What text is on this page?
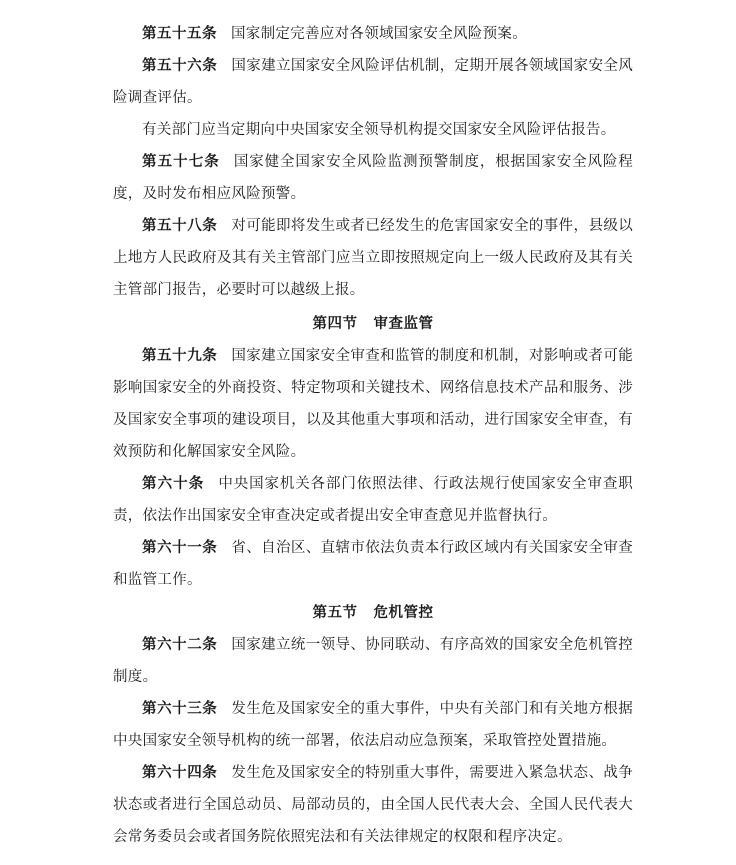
第五十五条 国家制定完善应对各领域国家安全风险预案。

第五十六条 国家建立国家安全风险评估机制，定期开展各领域国家安全风险调查评估。

有关部门应当定期向中央国家安全领导机构提交国家安全风险评估报告。

第五十七条 国家健全国家安全风险监测预警制度，根据国家安全风险程度，及时发布相应风险预警。

第五十八条 对可能即将发生或者已经发生的危害国家安全的事件，县级以上地方人民政府及其有关主管部门应当立即按照规定向上一级人民政府及其有关主管部门报告，必要时可以越级上报。

第四节 审查监管

第五十九条 国家建立国家安全审查和监管的制度和机制，对影响或者可能影响国家安全的外商投资、特定物项和关键技术、网络信息技术产品和服务、涉及国家安全事项的建设项目，以及其他重大事项和活动，进行国家安全审查，有效预防和化解国家安全风险。

第六十条 中央国家机关各部门依照法律、行政法规行使国家安全审查职责，依法作出国家安全审查决定或者提出安全审查意见并监督执行。

第六十一条 省、自治区、直辖市依法负责本行政区域内有关国家安全审查和监管工作。

第五节 危机管控

第六十二条 国家建立统一领导、协同联动、有序高效的国家安全危机管控制度。

第六十三条 发生危及国家安全的重大事件，中央有关部门和有关地方根据中央国家安全领导机构的统一部署，依法启动应急预案，采取管控处置措施。

第六十四条 发生危及国家安全的特别重大事件，需要进入紧急状态、战争状态或者进行全国总动员、局部动员的，由全国人民代表大会、全国人民代表大会常务委员会或者国务院依照宪法和有关法律规定的权限和程序决定。
